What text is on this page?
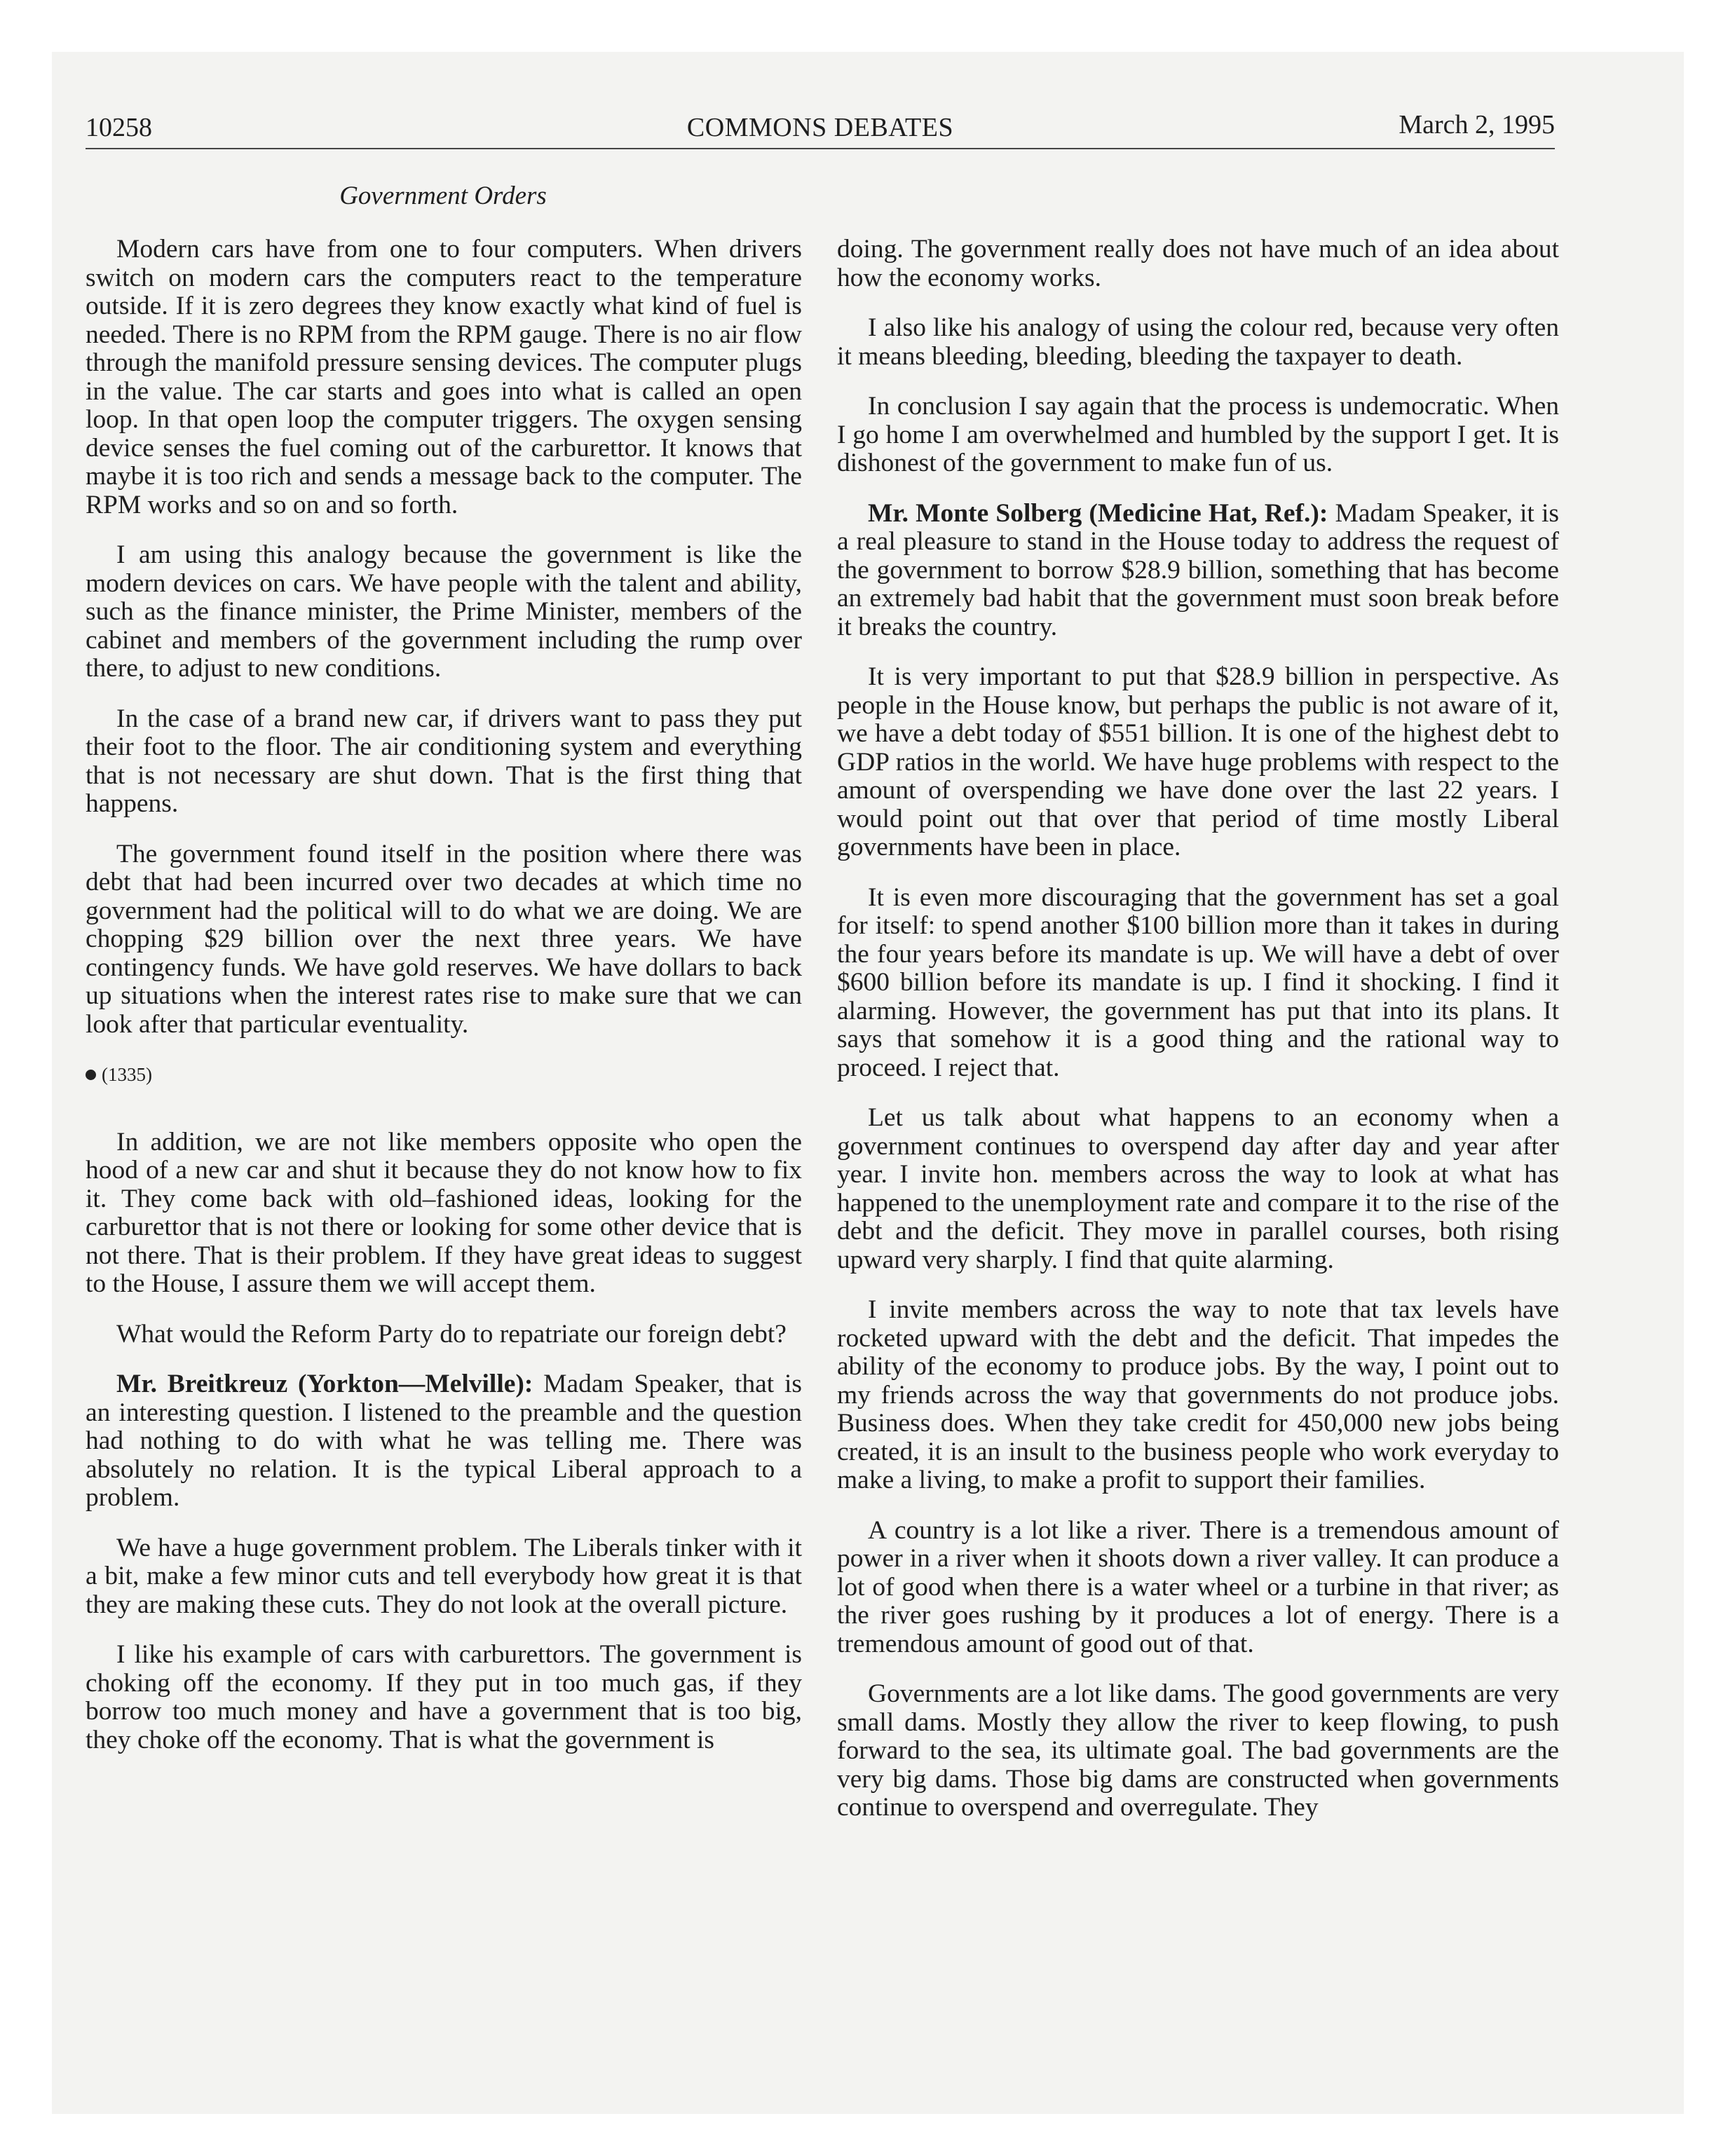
10258	COMMONS DEBATES	March 2, 1995
Government Orders

Modern cars have from one to four computers. When drivers switch on modern cars the computers react to the temperature outside. If it is zero degrees they know exactly what kind of fuel is needed. There is no RPM from the RPM gauge. There is no air flow through the manifold pressure sensing devices. The computer plugs in the value. The car starts and goes into what is called an open loop. In that open loop the computer triggers. The oxygen sensing device senses the fuel coming out of the carburettor. It knows that maybe it is too rich and sends a message back to the computer. The RPM works and so on and so forth.

I am using this analogy because the government is like the modern devices on cars. We have people with the talent and ability, such as the finance minister, the Prime Minister, members of the cabinet and members of the government including the rump over there, to adjust to new conditions.

In the case of a brand new car, if drivers want to pass they put their foot to the floor. The air conditioning system and everything that is not necessary are shut down. That is the first thing that happens.

The government found itself in the position where there was debt that had been incurred over two decades at which time no government had the political will to do what we are doing. We are chopping $29 billion over the next three years. We have contingency funds. We have gold reserves. We have dollars to back up situations when the interest rates rise to make sure that we can look after that particular eventuality.

(1335)

In addition, we are not like members opposite who open the hood of a new car and shut it because they do not know how to fix it. They come back with old–fashioned ideas, looking for the carburettor that is not there or looking for some other device that is not there. That is their problem. If they have great ideas to suggest to the House, I assure them we will accept them.

What would the Reform Party do to repatriate our foreign debt?

Mr. Breitkreuz (Yorkton—Melville): Madam Speaker, that is an interesting question. I listened to the preamble and the question had nothing to do with what he was telling me. There was absolutely no relation. It is the typical Liberal approach to a problem.

We have a huge government problem. The Liberals tinker with it a bit, make a few minor cuts and tell everybody how great it is that they are making these cuts. They do not look at the overall picture.

I like his example of cars with carburettors. The government is choking off the economy. If they put in too much gas, if they borrow too much money and have a government that is too big, they choke off the economy. That is what the government is

doing. The government really does not have much of an idea about how the economy works.

I also like his analogy of using the colour red, because very often it means bleeding, bleeding, bleeding the taxpayer to death.

In conclusion I say again that the process is undemocratic. When I go home I am overwhelmed and humbled by the support I get. It is dishonest of the government to make fun of us.

Mr. Monte Solberg (Medicine Hat, Ref.): Madam Speaker, it is a real pleasure to stand in the House today to address the request of the government to borrow $28.9 billion, something that has become an extremely bad habit that the government must soon break before it breaks the country.

It is very important to put that $28.9 billion in perspective. As people in the House know, but perhaps the public is not aware of it, we have a debt today of $551 billion. It is one of the highest debt to GDP ratios in the world. We have huge problems with respect to the amount of overspending we have done over the last 22 years. I would point out that over that period of time mostly Liberal governments have been in place.

It is even more discouraging that the government has set a goal for itself: to spend another $100 billion more than it takes in during the four years before its mandate is up. We will have a debt of over $600 billion before its mandate is up. I find it shocking. I find it alarming. However, the government has put that into its plans. It says that somehow it is a good thing and the rational way to proceed. I reject that.

Let us talk about what happens to an economy when a government continues to overspend day after day and year after year. I invite hon. members across the way to look at what has happened to the unemployment rate and compare it to the rise of the debt and the deficit. They move in parallel courses, both rising upward very sharply. I find that quite alarming.

I invite members across the way to note that tax levels have rocketed upward with the debt and the deficit. That impedes the ability of the economy to produce jobs. By the way, I point out to my friends across the way that governments do not produce jobs. Business does. When they take credit for 450,000 new jobs being created, it is an insult to the business people who work everyday to make a living, to make a profit to support their families.

A country is a lot like a river. There is a tremendous amount of power in a river when it shoots down a river valley. It can produce a lot of good when there is a water wheel or a turbine in that river; as the river goes rushing by it produces a lot of energy. There is a tremendous amount of good out of that.

Governments are a lot like dams. The good governments are very small dams. Mostly they allow the river to keep flowing, to push forward to the sea, its ultimate goal. The bad governments are the very big dams. Those big dams are constructed when governments continue to overspend and overregulate. They
